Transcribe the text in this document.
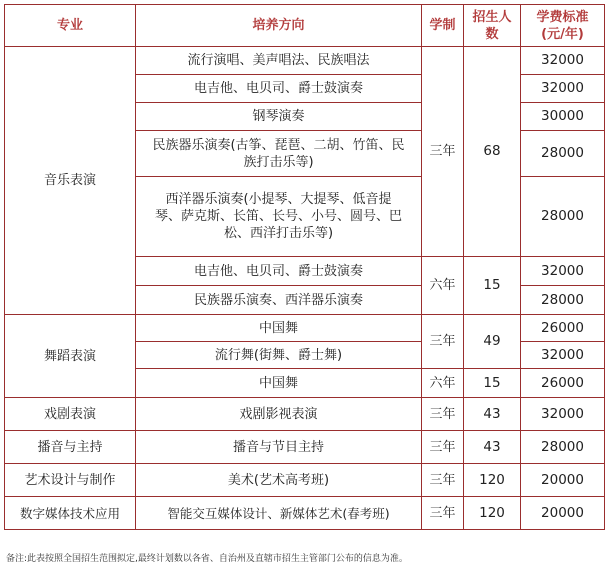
专业	培养方向	学制	招生人数	学费标准(元/年)
音乐表演	流行演唱、美声唱法、民族唱法	三年	68	32000
	电吉他、电贝司、爵士鼓演奏			32000
	钢琴演奏			30000
	民族器乐演奏(古筝、琵琶、二胡、竹笛、民族打击乐等)			28000
	西洋器乐演奏(小提琴、大提琴、低音提琴、萨克斯、长笛、长号、小号、圆号、巴松、西洋打击乐等)			28000
	电吉他、电贝司、爵士鼓演奏	六年	15	32000
	民族器乐演奏、西洋器乐演奏			28000
舞蹈表演	中国舞	三年	49	26000
	流行舞(街舞、爵士舞)			32000
	中国舞	六年	15	26000
戏剧表演	戏剧影视表演	三年	43	32000
播音与主持	播音与节目主持	三年	43	28000
艺术设计与制作	美术(艺术高考班)	三年	120	20000
数字媒体技术应用	智能交互媒体设计、新媒体艺术(春考班)	三年	120	20000
备注:此表按照全国招生范围拟定,最终计划数以各省、自治州及直辖市招生主管部门公布的信息为准。
